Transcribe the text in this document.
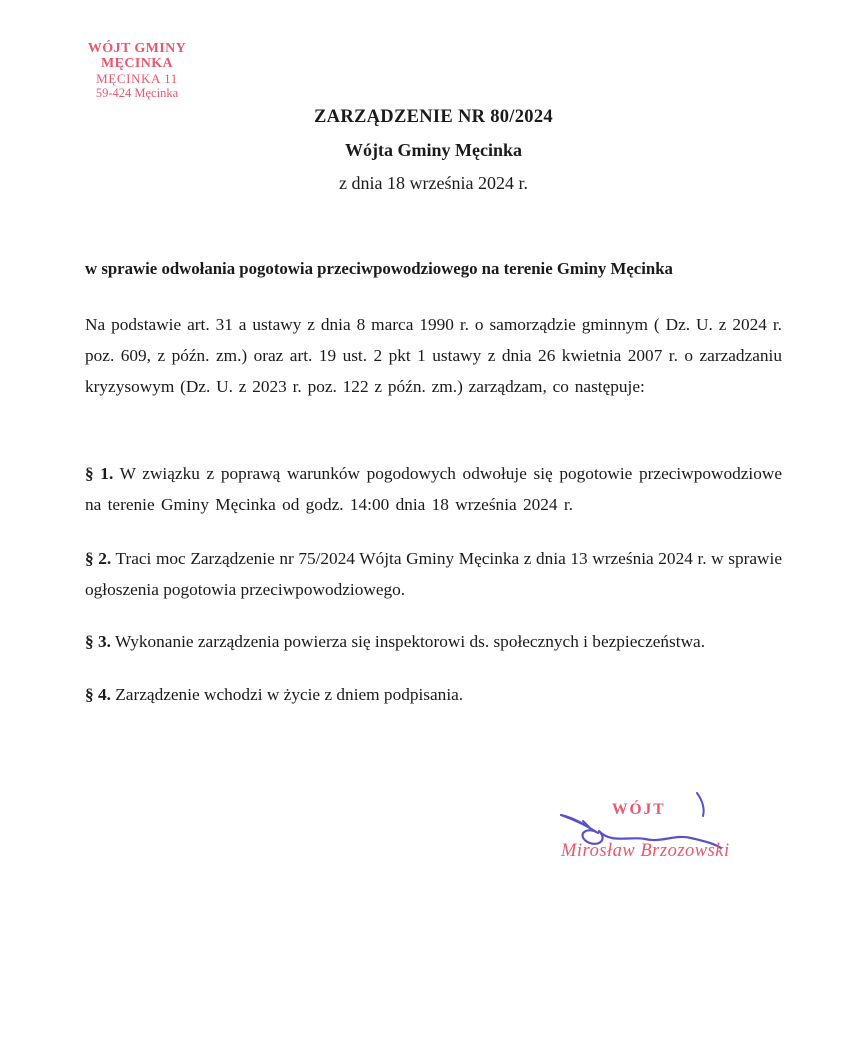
WÓJT GMINY MĘCINKA
MĘCINKA 11
59-424 Męcinka
ZARZĄDZENIE NR 80/2024
Wójta Gminy Męcinka
z dnia 18 września 2024 r.
w sprawie odwołania pogotowia przeciwpowodziowego na terenie Gminy Męcinka

Na podstawie art. 31 a ustawy z dnia 8 marca 1990 r. o samorządzie gminnym ( Dz. U. z 2024 r. poz. 609, z późn. zm.) oraz art. 19 ust. 2 pkt 1 ustawy z dnia 26 kwietnia 2007 r. o zarzadzaniu kryzysowym (Dz. U. z 2023 r. poz. 122 z późn. zm.) zarządzam, co następuje:

§ 1. W związku z poprawą warunków pogodowych odwołuje się pogotowie przeciwpowodziowe na terenie Gminy Męcinka od godz. 14:00 dnia 18 września 2024 r.

§ 2. Traci moc Zarządzenie nr 75/2024 Wójta Gminy Męcinka z dnia 13 września 2024 r. w sprawie ogłoszenia pogotowia przeciwpowodziowego.

§ 3. Wykonanie zarządzenia powierza się inspektorowi ds. społecznych i bezpieczeństwa.

§ 4. Zarządzenie wchodzi w życie z dniem podpisania.

WÓJT
Mirosław Brzozowski
